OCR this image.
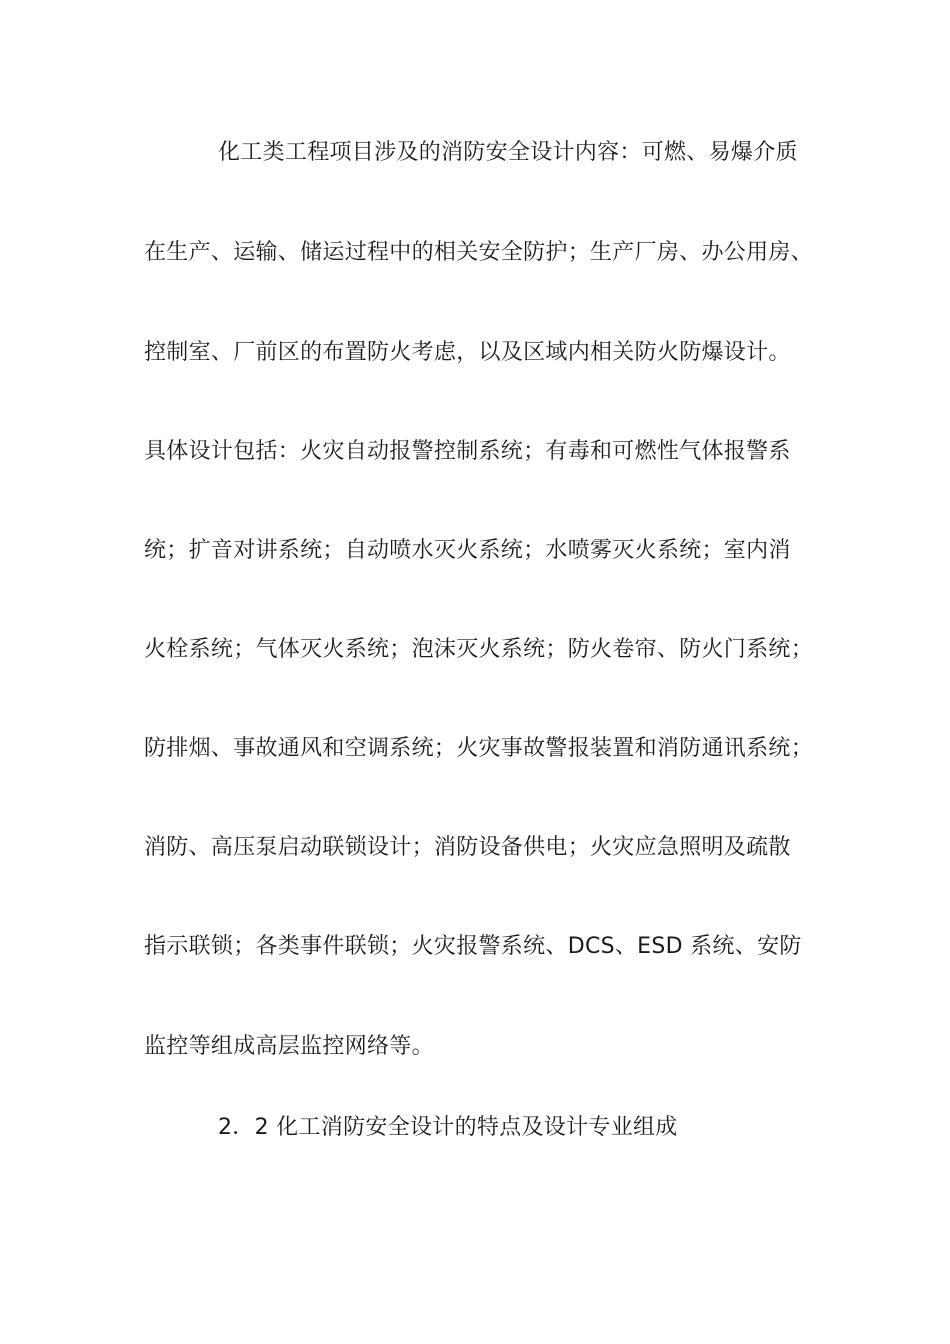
化工类工程项目涉及的消防安全设计内容：可燃、易爆介质
在生产、运输、储运过程中的相关安全防护；生产厂房、办公用房、
控制室、厂前区的布置防火考虑，以及区域内相关防火防爆设计。
具体设计包括：火灾自动报警控制系统；有毒和可燃性气体报警系
统；扩音对讲系统；自动喷水灭火系统；水喷雾灭火系统；室内消
火栓系统；气体灭火系统；泡沫灭火系统；防火卷帘、防火门系统；
防排烟、事故通风和空调系统；火灾事故警报装置和消防通讯系统；
消防、高压泵启动联锁设计；消防设备供电；火灾应急照明及疏散
指示联锁；各类事件联锁；火灾报警系统、DCS、ESD 系统、安防
监控等组成高层监控网络等。
2．2 化工消防安全设计的特点及设计专业组成
